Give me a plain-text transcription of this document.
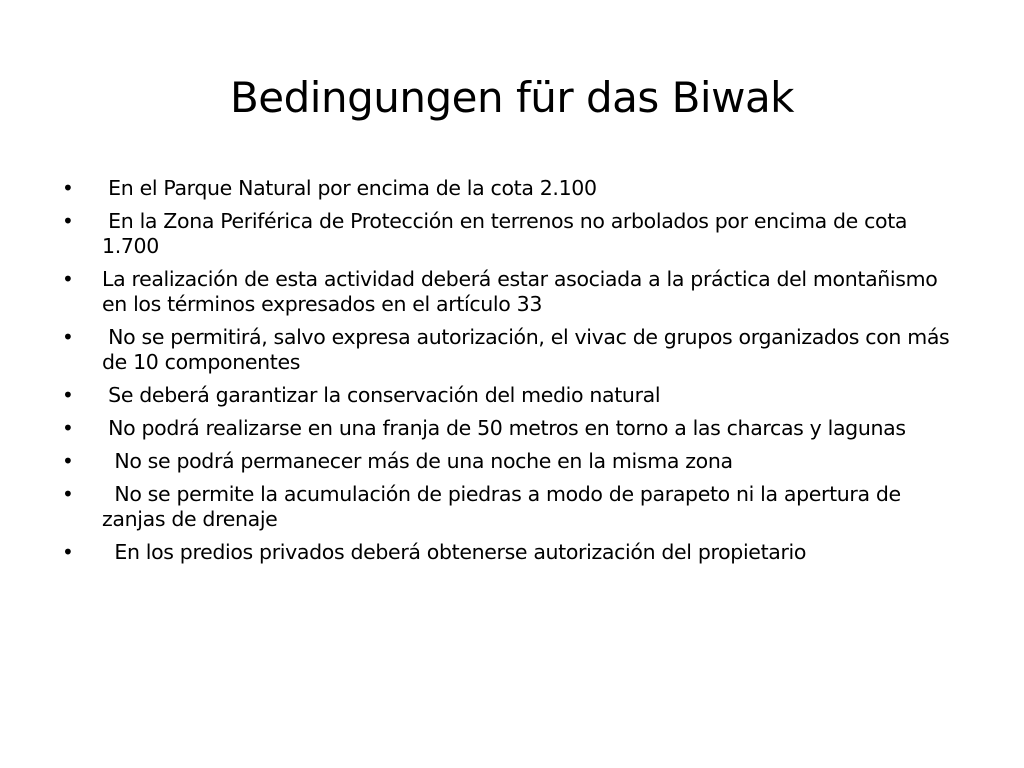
Bedingungen für das Biwak
• En el Parque Natural por encima de la cota 2.100
• En la Zona Periférica de Protección en terrenos no arbolados por encima de cota 1.700
• La realización de esta actividad deberá estar asociada a la práctica del montañismo en los términos expresados en el artículo 33
• No se permitirá, salvo expresa autorización, el vivac de grupos organizados con más de 10 componentes
• Se deberá garantizar la conservación del medio natural
• No podrá realizarse en una franja de 50 metros en torno a las charcas y lagunas
• No se podrá permanecer más de una noche en la misma zona
• No se permite la acumulación de piedras a modo de parapeto ni la apertura de zanjas de drenaje
• En los predios privados deberá obtenerse autorización del propietario
